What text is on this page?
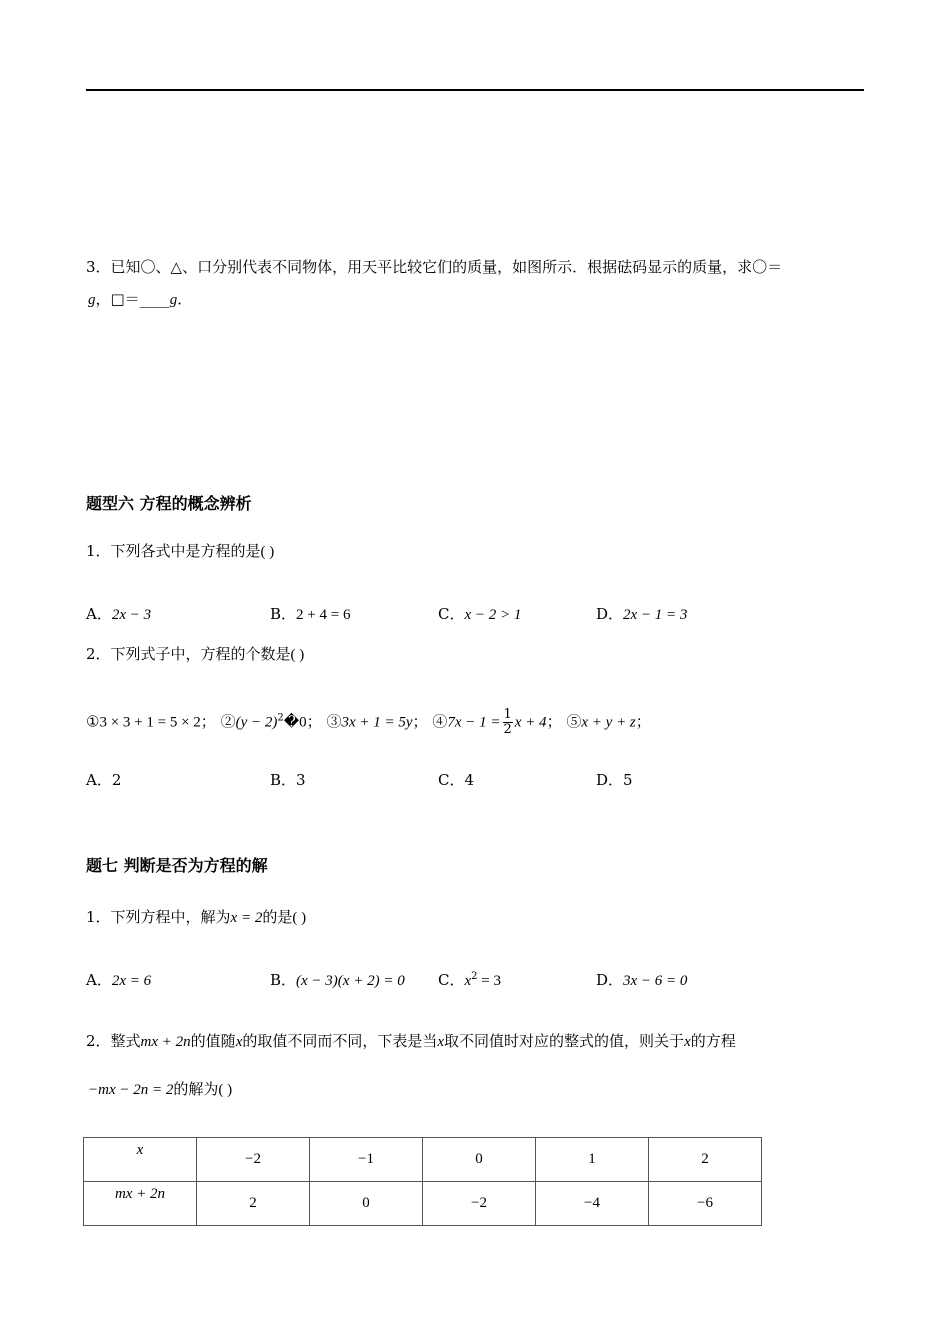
3．已知〇、△、口分别代表不同物体，用天平比较它们的质量，如图所示．根据砝码显示的质量，求〇＝
g，□＝____g．
题型六 方程的概念辨析
1．下列各式中是方程的是( )
A．2x − 3	B．2 + 4 = 6	C．x − 2 > 1	D．2x − 1 = 3
2．下列式子中，方程的个数是( )
①3 × 3 + 1 = 5 × 2； ②(y − 2)$^2$�0； ③3x + 1 = 5y； ④7x − $1 = \frac{1}{2}$ x + 4； ⑤x + y + z；
A．2	B．3	C．4	D．5
题七 判断是否为方程的解
1．下列方程中，解为x = 2的是( )
A．2x = 6	B．(x − 3)(x + 2) = 0 C．$x^2 = 3$	D．3x − 6 = 0
2．整式mx + 2n的值随x的取值不同而不同，下表是当x取不同值时对应的整式的值，则关于x的方程
−mx − 2n = 2的解为( )
x	−2	−1	0	1	2
mx + 2n	2	0	−2	−4	−6
